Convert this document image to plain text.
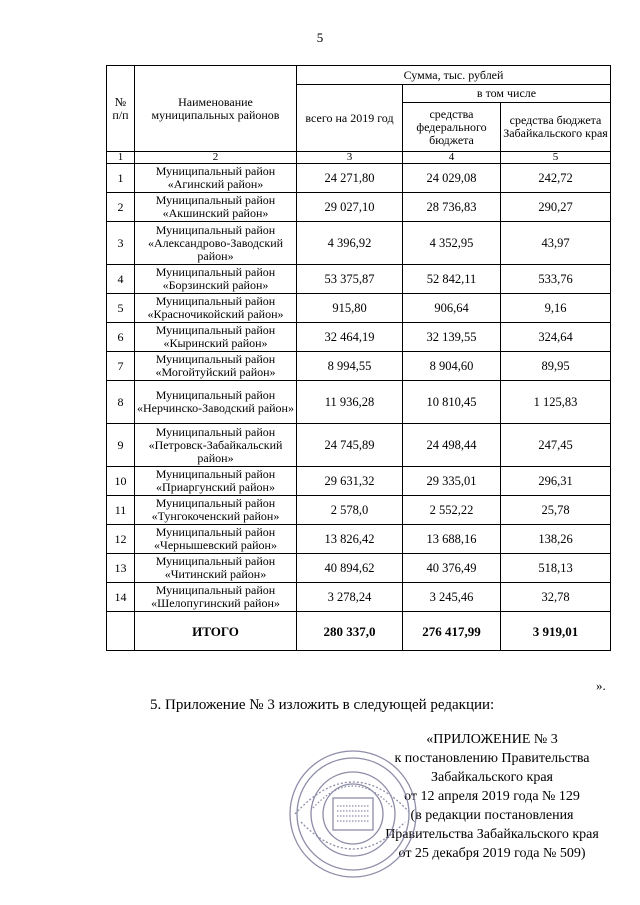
5
№ п/п	Наименование муниципальных районов	Сумма, тыс. рублей		
		всего на 2019 год	в том числе	
			средства федерального бюджета	средства бюджета Забайкальского края
1	2	3	4	5
1	Муниципальный район «Агинский район»	24 271,80	24 029,08	242,72
2	Муниципальный район «Акшинский район»	29 027,10	28 736,83	290,27
3	Муниципальный район «Александрово-Заводский район»	4 396,92	4 352,95	43,97
4	Муниципальный район «Борзинский район»	53 375,87	52 842,11	533,76
5	Муниципальный район «Красночикойский район»	915,80	906,64	9,16
6	Муниципальный район «Кыринский район»	32 464,19	32 139,55	324,64
7	Муниципальный район «Могойтуйский район»	8 994,55	8 904,60	89,95
8	Муниципальный район «Нерчинско-Заводский район»	11 936,28	10 810,45	1 125,83
9	Муниципальный район «Петровск-Забайкальский район»	24 745,89	24 498,44	247,45
10	Муниципальный район «Приаргунский район»	29 631,32	29 335,01	296,31
11	Муниципальный район «Тунгокоченский район»	2 578,0	2 552,22	25,78
12	Муниципальный район «Чернышевский район»	13 826,42	13 688,16	138,26
13	Муниципальный район «Читинский район»	40 894,62	40 376,49	518,13
14	Муниципальный район «Шелопугинский район»	3 278,24	3 245,46	32,78
	ИТОГО	280 337,0	276 417,99	3 919,01
».
5. Приложение № 3 изложить в следующей редакции:
«ПРИЛОЖЕНИЕ № 3
к постановлению Правительства
Забайкальского края
от 12 апреля 2019 года № 129
(в редакции постановления
Правительства Забайкальского края
от 25 декабря 2019 года № 509)
